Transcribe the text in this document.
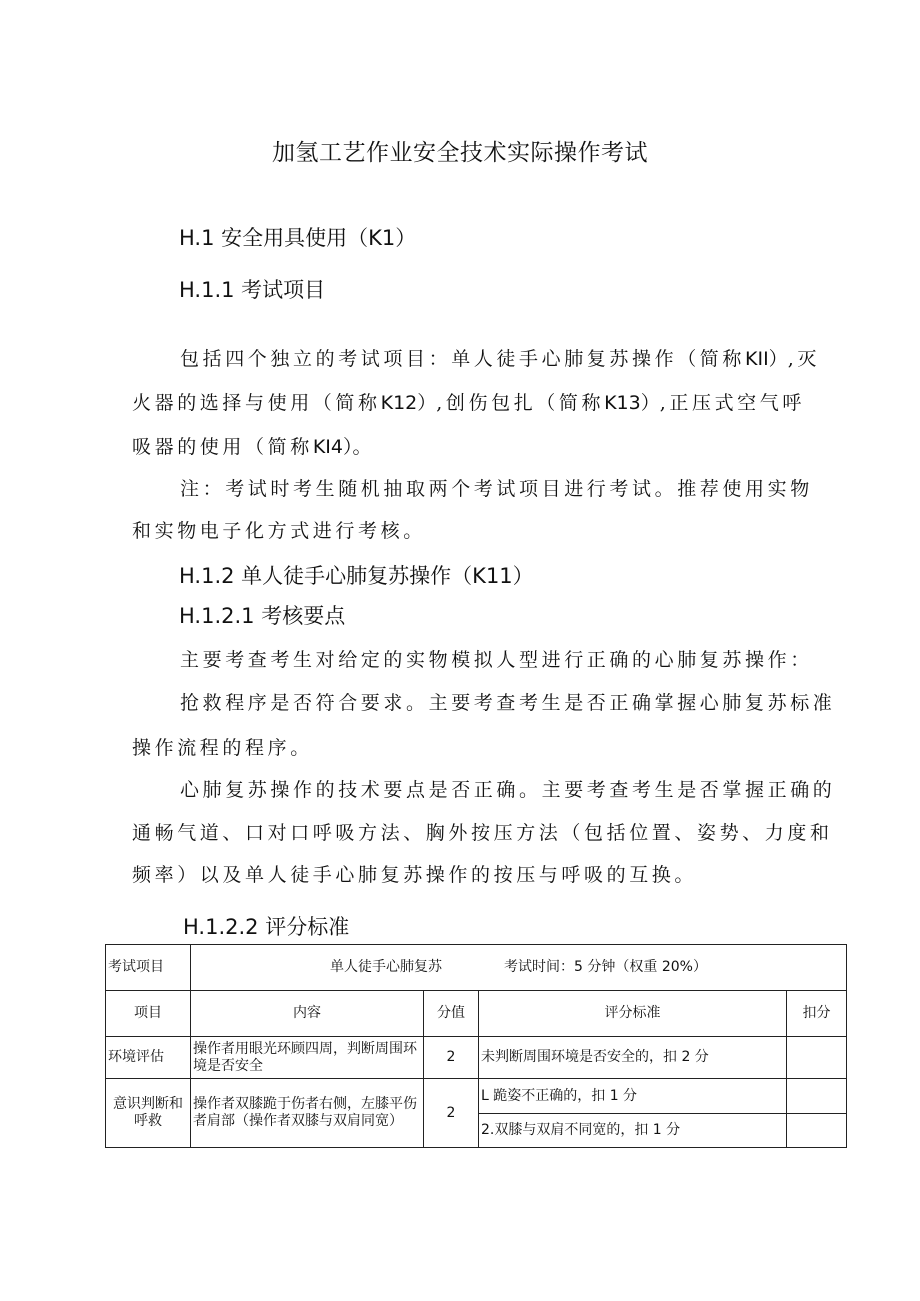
加氢工艺作业安全技术实际操作考试
H.1 安全用具使用（K1）
H.1.1 考试项目
包括四个独立的考试项目：单人徒手心肺复苏操作（简称KII）,灭
火器的选择与使用（简称K12）,创伤包扎（简称K13）,正压式空气呼
吸器的使用（简称KI4）。
注：考试时考生随机抽取两个考试项目进行考试。推荐使用实物
和实物电子化方式进行考核。
H.1.2 单人徒手心肺复苏操作（K11）
H.1.2.1 考核要点
主要考查考生对给定的实物模拟人型进行正确的心肺复苏操作：
抢救程序是否符合要求。主要考查考生是否正确掌握心肺复苏标准
操作流程的程序。
心肺复苏操作的技术要点是否正确。主要考查考生是否掌握正确的
通畅气道、口对口呼吸方法、胸外按压方法（包括位置、姿势、力度和
频率）以及单人徒手心肺复苏操作的按压与呼吸的互换。
H.1.2.2 评分标准
考试项目	单人徒手心肺复苏 考试时间：5 分钟（权重 20%）			
项目	内容	分值	评分标准	扣分
环境评估	操作者用眼光环顾四周，判断周围环境是否安全	2	未判断周围环境是否安全的，扣 2 分	
意识判断和呼救	操作者双膝跪于伤者右侧，左膝平伤者肩部（操作者双膝与双肩同宽）	2	L 跪姿不正确的，扣 1 分	
			2.双膝与双肩不同宽的，扣 1 分	
